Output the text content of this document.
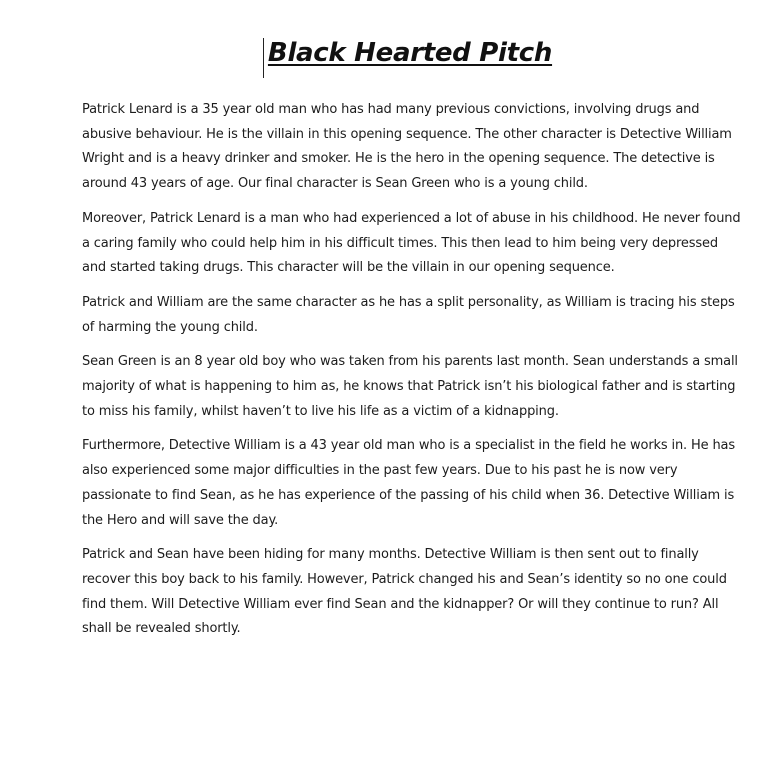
Black Hearted Pitch

Patrick Lenard is a 35 year old man who has had many previous convictions, involving drugs and abusive behaviour. He is the villain in this opening sequence. The other character is Detective William Wright and is a heavy drinker and smoker. He is the hero in the opening sequence. The detective is around 43 years of age. Our final character is Sean Green who is a young child.

Moreover, Patrick Lenard is a man who had experienced a lot of abuse in his childhood. He never found a caring family who could help him in his difficult times. This then lead to him being very depressed and started taking drugs. This character will be the villain in our opening sequence.

Patrick and William are the same character as he has a split personality, as William is tracing his steps of harming the young child.

Sean Green is an 8 year old boy who was taken from his parents last month. Sean understands a small majority of what is happening to him as, he knows that Patrick isn’t his biological father and is starting to miss his family, whilst haven’t to live his life as a victim of a kidnapping.

Furthermore, Detective William is a 43 year old man who is a specialist in the field he works in. He has also experienced some major difficulties in the past few years. Due to his past he is now very passionate to find Sean, as he has experience of the passing of his child when 36. Detective William is the Hero and will save the day.

Patrick and Sean have been hiding for many months. Detective William is then sent out to finally recover this boy back to his family. However, Patrick changed his and Sean’s identity so no one could find them. Will Detective William ever find Sean and the kidnapper? Or will they continue to run? All shall be revealed shortly.
